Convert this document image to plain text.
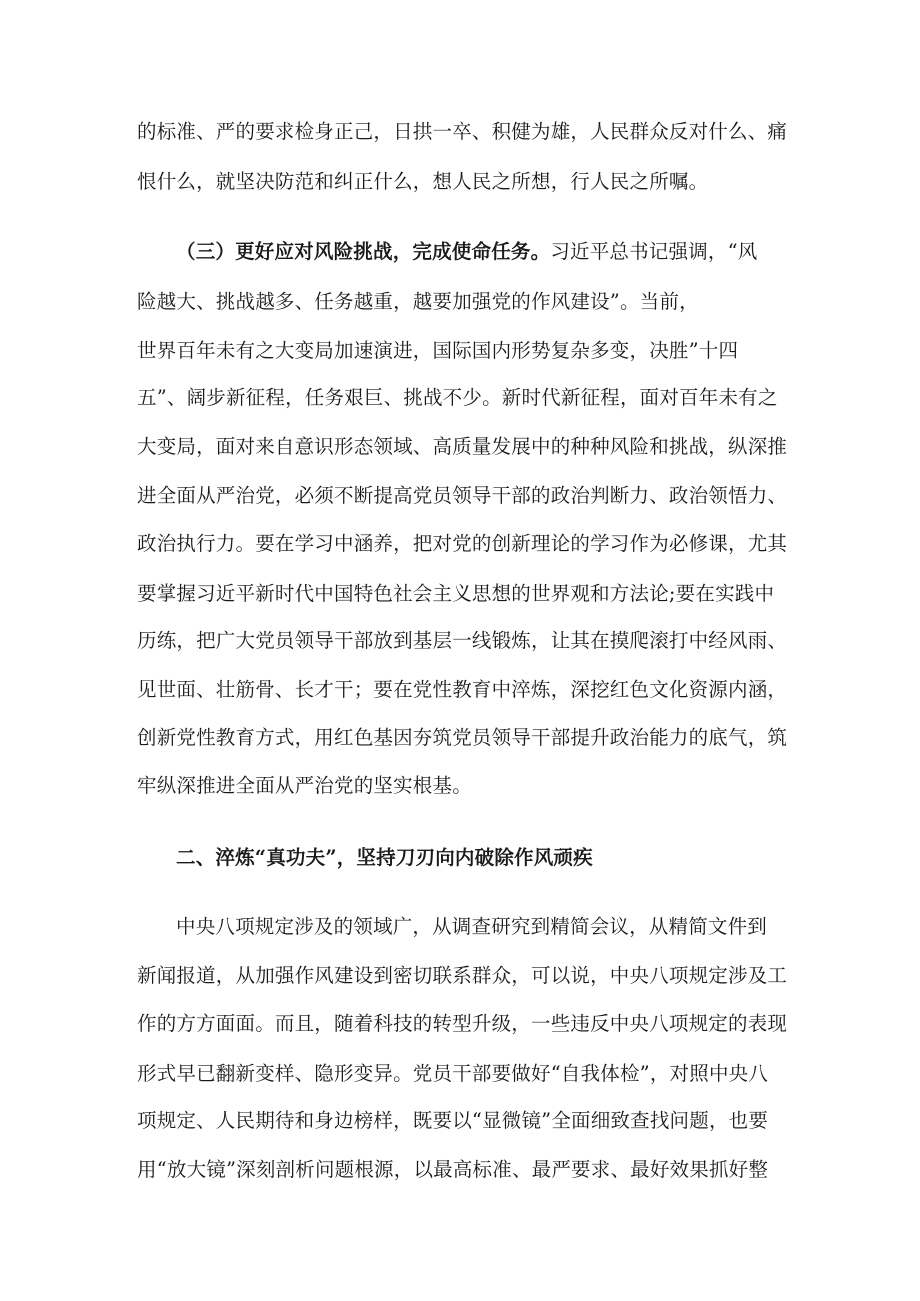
的标准、严的要求检身正己，日拱一卒、积健为雄，人民群众反对什么、痛
恨什么，就坚决防范和纠正什么，想人民之所想，行人民之所嘱。
（三）更好应对风险挑战，完成使命任务。习近平总书记强调，“风
险越大、挑战越多、任务越重，越要加强党的作风建设”。当前，
世界百年未有之大变局加速演进，国际国内形势复杂多变，决胜”十四
五”、阔步新征程，任务艰巨、挑战不少。新时代新征程，面对百年未有之
大变局，面对来自意识形态领域、高质量发展中的种种风险和挑战，纵深推
进全面从严治党，必须不断提高党员领导干部的政治判断力、政治领悟力、
政治执行力。要在学习中涵养，把对党的创新理论的学习作为必修课，尤其
要掌握习近平新时代中国特色社会主义思想的世界观和方法论;要在实践中
历练，把广大党员领导干部放到基层一线锻炼，让其在摸爬滚打中经风雨、
见世面、壮筋骨、长才干；要在党性教育中淬炼，深挖红色文化资源内涵，
创新党性教育方式，用红色基因夯筑党员领导干部提升政治能力的底气，筑
牢纵深推进全面从严治党的坚实根基。
二、淬炼“真功夫”，坚持刀刃向内破除作风顽疾
中央八项规定涉及的领域广，从调查研究到精简会议，从精简文件到
新闻报道，从加强作风建设到密切联系群众，可以说，中央八项规定涉及工
作的方方面面。而且，随着科技的转型升级，一些违反中央八项规定的表现
形式早已翻新变样、隐形变异。党员干部要做好“自我体检”，对照中央八
项规定、人民期待和身边榜样，既要以“显微镜”全面细致查找问题，也要
用“放大镜”深刻剖析问题根源，以最高标准、最严要求、最好效果抓好整
